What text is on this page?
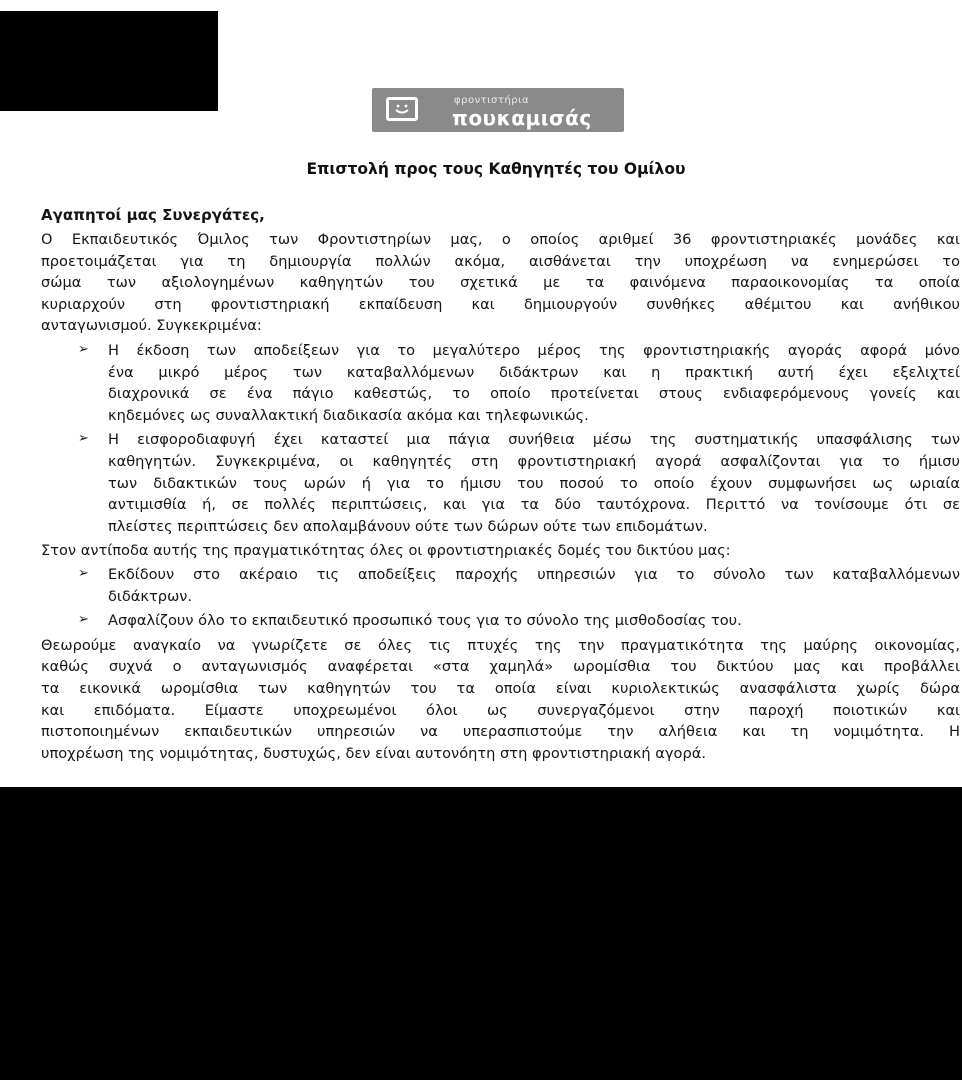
φροντιστήρια
πουκαμισάς
Επιστολή προς τους Καθηγητές του Ομίλου
Αγαπητοί μας Συνεργάτες,
Ο Εκπαιδευτικός Όμιλος των Φροντιστηρίων μας, ο οποίος αριθμεί 36 φροντιστηριακές μονάδες και
προετοιμάζεται για τη δημιουργία πολλών ακόμα, αισθάνεται την υποχρέωση να ενημερώσει το
σώμα των αξιολογημένων καθηγητών του σχετικά με τα φαινόμενα παραοικονομίας τα οποία
κυριαρχούν στη φροντιστηριακή εκπαίδευση και δημιουργούν συνθήκες αθέμιτου και ανήθικου
ανταγωνισμού. Συγκεκριμένα:
➢ Η έκδοση των αποδείξεων για το μεγαλύτερο μέρος της φροντιστηριακής αγοράς αφορά μόνο
ένα μικρό μέρος των καταβαλλόμενων διδάκτρων και η πρακτική αυτή έχει εξελιχτεί
διαχρονικά σε ένα πάγιο καθεστώς, το οποίο προτείνεται στους ενδιαφερόμενους γονείς και
κηδεμόνες ως συναλλακτική διαδικασία ακόμα και τηλεφωνικώς.
➢ Η εισφοροδιαφυγή έχει καταστεί μια πάγια συνήθεια μέσω της συστηματικής υπασφάλισης των
καθηγητών. Συγκεκριμένα, οι καθηγητές στη φροντιστηριακή αγορά ασφαλίζονται για το ήμισυ
των διδακτικών τους ωρών ή για το ήμισυ του ποσού το οποίο έχουν συμφωνήσει ως ωριαία
αντιμισθία ή, σε πολλές περιπτώσεις, και για τα δύο ταυτόχρονα. Περιττό να τονίσουμε ότι σε
πλείστες περιπτώσεις δεν απολαμβάνουν ούτε των δώρων ούτε των επιδομάτων.
Στον αντίποδα αυτής της πραγματικότητας όλες οι φροντιστηριακές δομές του δικτύου μας:
➢ Εκδίδουν στο ακέραιο τις αποδείξεις παροχής υπηρεσιών για το σύνολο των καταβαλλόμενων
διδάκτρων.
➢ Ασφαλίζουν όλο το εκπαιδευτικό προσωπικό τους για το σύνολο της μισθοδοσίας του.
Θεωρούμε αναγκαίο να γνωρίζετε σε όλες τις πτυχές της την πραγματικότητα της μαύρης οικονομίας,
καθώς συχνά ο ανταγωνισμός αναφέρεται «στα χαμηλά» ωρομίσθια του δικτύου μας και προβάλλει
τα εικονικά ωρομίσθια των καθηγητών του τα οποία είναι κυριολεκτικώς ανασφάλιστα χωρίς δώρα
και επιδόματα. Είμαστε υποχρεωμένοι όλοι ως συνεργαζόμενοι στην παροχή ποιοτικών και
πιστοποιημένων εκπαιδευτικών υπηρεσιών να υπερασπιστούμε την αλήθεια και τη νομιμότητα. Η
υποχρέωση της νομιμότητας, δυστυχώς, δεν είναι αυτονόητη στη φροντιστηριακή αγορά.
